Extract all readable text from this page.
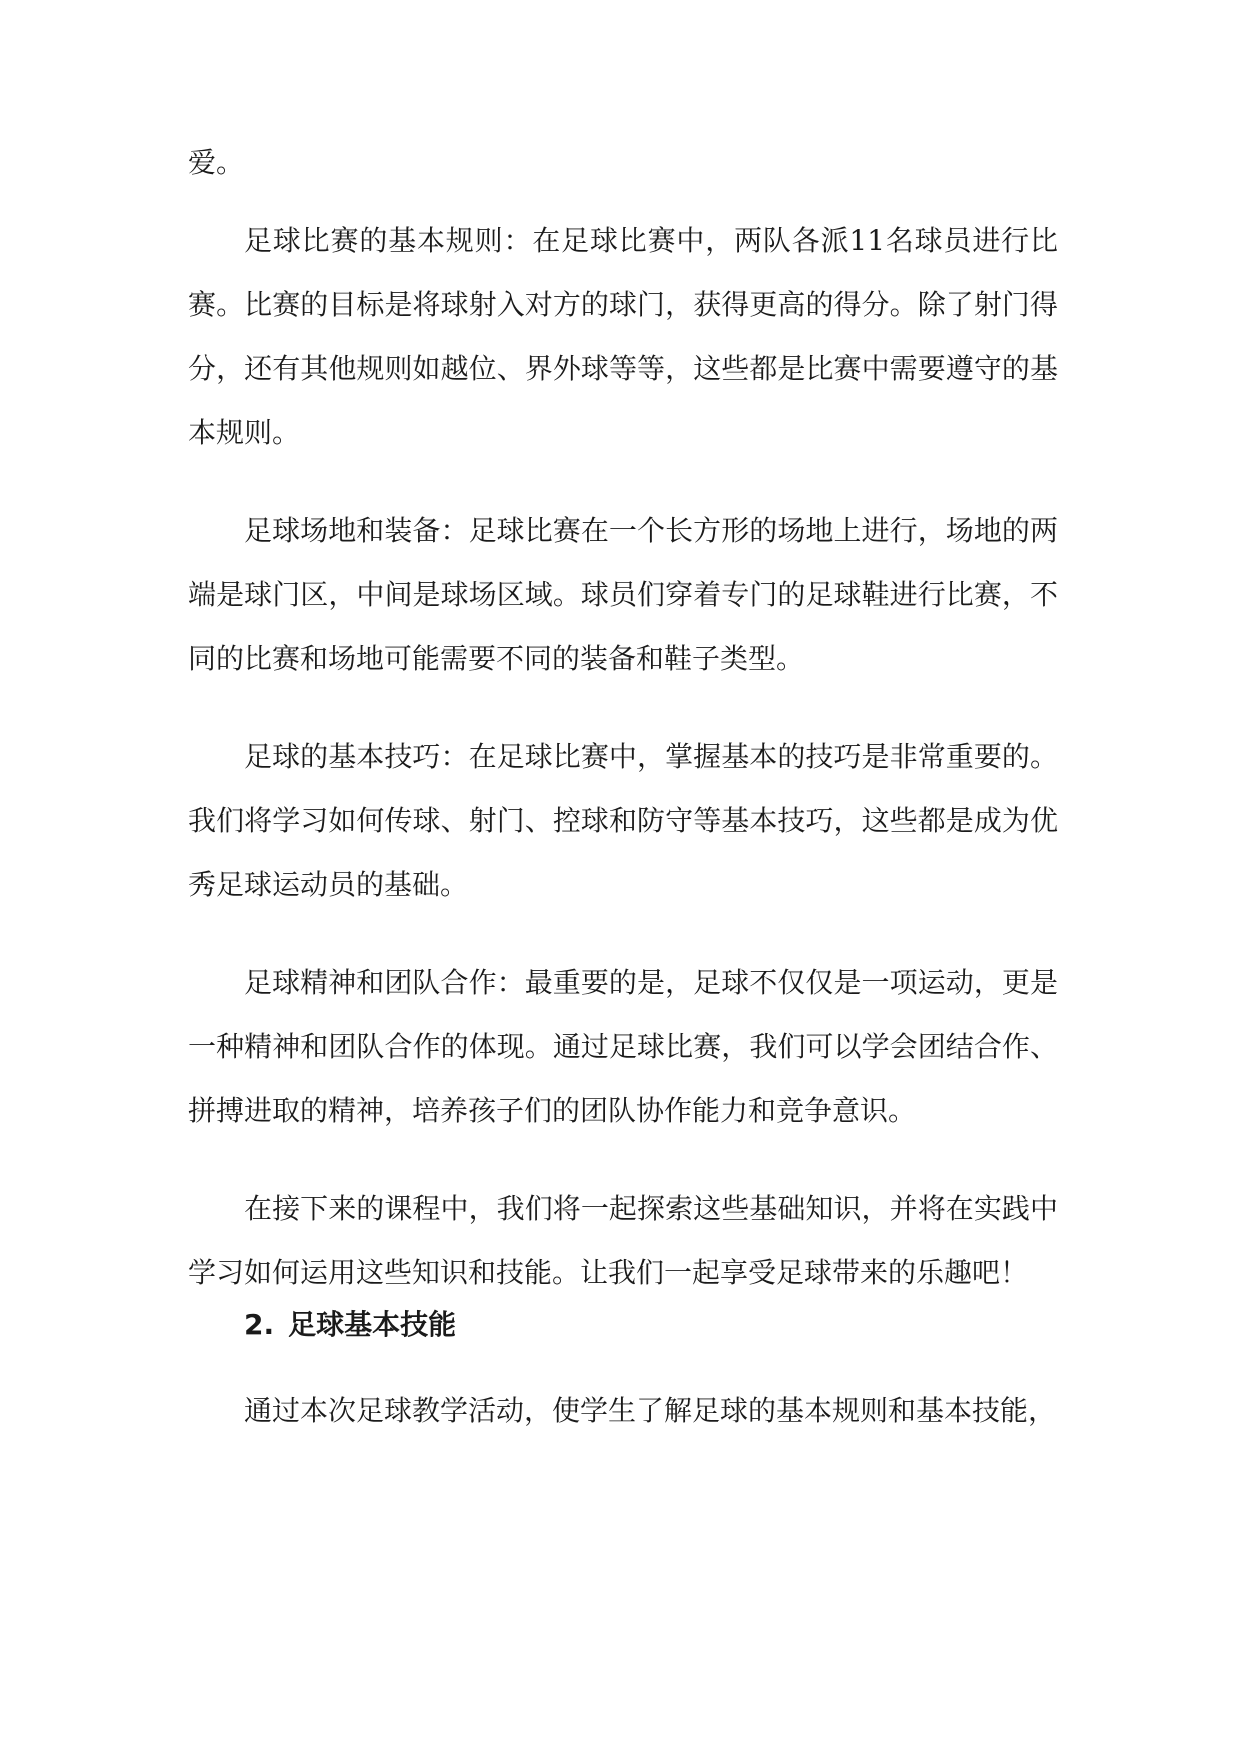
爱。

足球比赛的基本规则：在足球比赛中，两队各派11名球员进行比赛。比赛的目标是将球射入对方的球门，获得更高的得分。除了射门得分，还有其他规则如越位、界外球等等，这些都是比赛中需要遵守的基本规则。

足球场地和装备：足球比赛在一个长方形的场地上进行，场地的两端是球门区，中间是球场区域。球员们穿着专门的足球鞋进行比赛，不同的比赛和场地可能需要不同的装备和鞋子类型。

足球的基本技巧：在足球比赛中，掌握基本的技巧是非常重要的。我们将学习如何传球、射门、控球和防守等基本技巧，这些都是成为优秀足球运动员的基础。

足球精神和团队合作：最重要的是，足球不仅仅是一项运动，更是一种精神和团队合作的体现。通过足球比赛，我们可以学会团结合作、拼搏进取的精神，培养孩子们的团队协作能力和竞争意识。

在接下来的课程中，我们将一起探索这些基础知识，并将在实践中学习如何运用这些知识和技能。让我们一起享受足球带来的乐趣吧！

2. 足球基本技能

通过本次足球教学活动，使学生了解足球的基本规则和基本技能，
